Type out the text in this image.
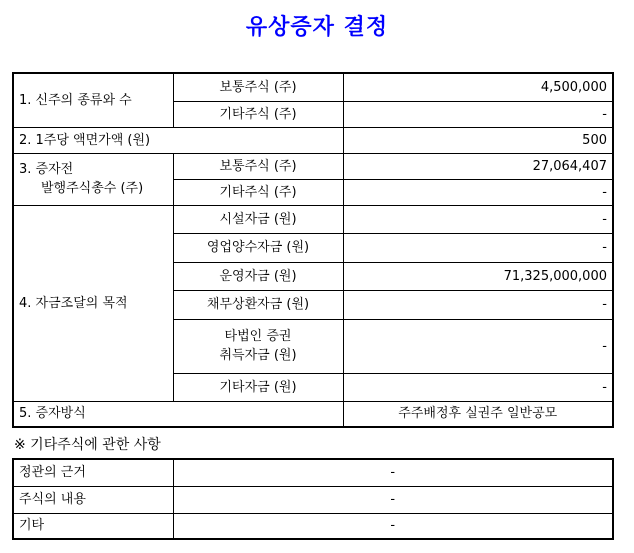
유상증자 결정
1. 신주의 종류와 수	보통주식 (주)	4,500,000
	기타주식 (주)	-
2. 1주당 액면가액 (원)		500

3. 증자전
발행주식총수 (주)	보통주식 (주)	27,064,407
	기타주식 (주)	-
4. 자금조달의 목적	시설자금 (원)	-
	영업양수자금 (원)	-
	운영자금 (원)	71,325,000,000
	채무상환자금 (원)	-

	타법인 증권
취득자금 (원)	-
	기타자금 (원)	-
5. 증자방식		주주배정후 실권주 일반공모
※ 기타주식에 관한 사항
정관의 근거	-
주식의 내용	-
기타	-
